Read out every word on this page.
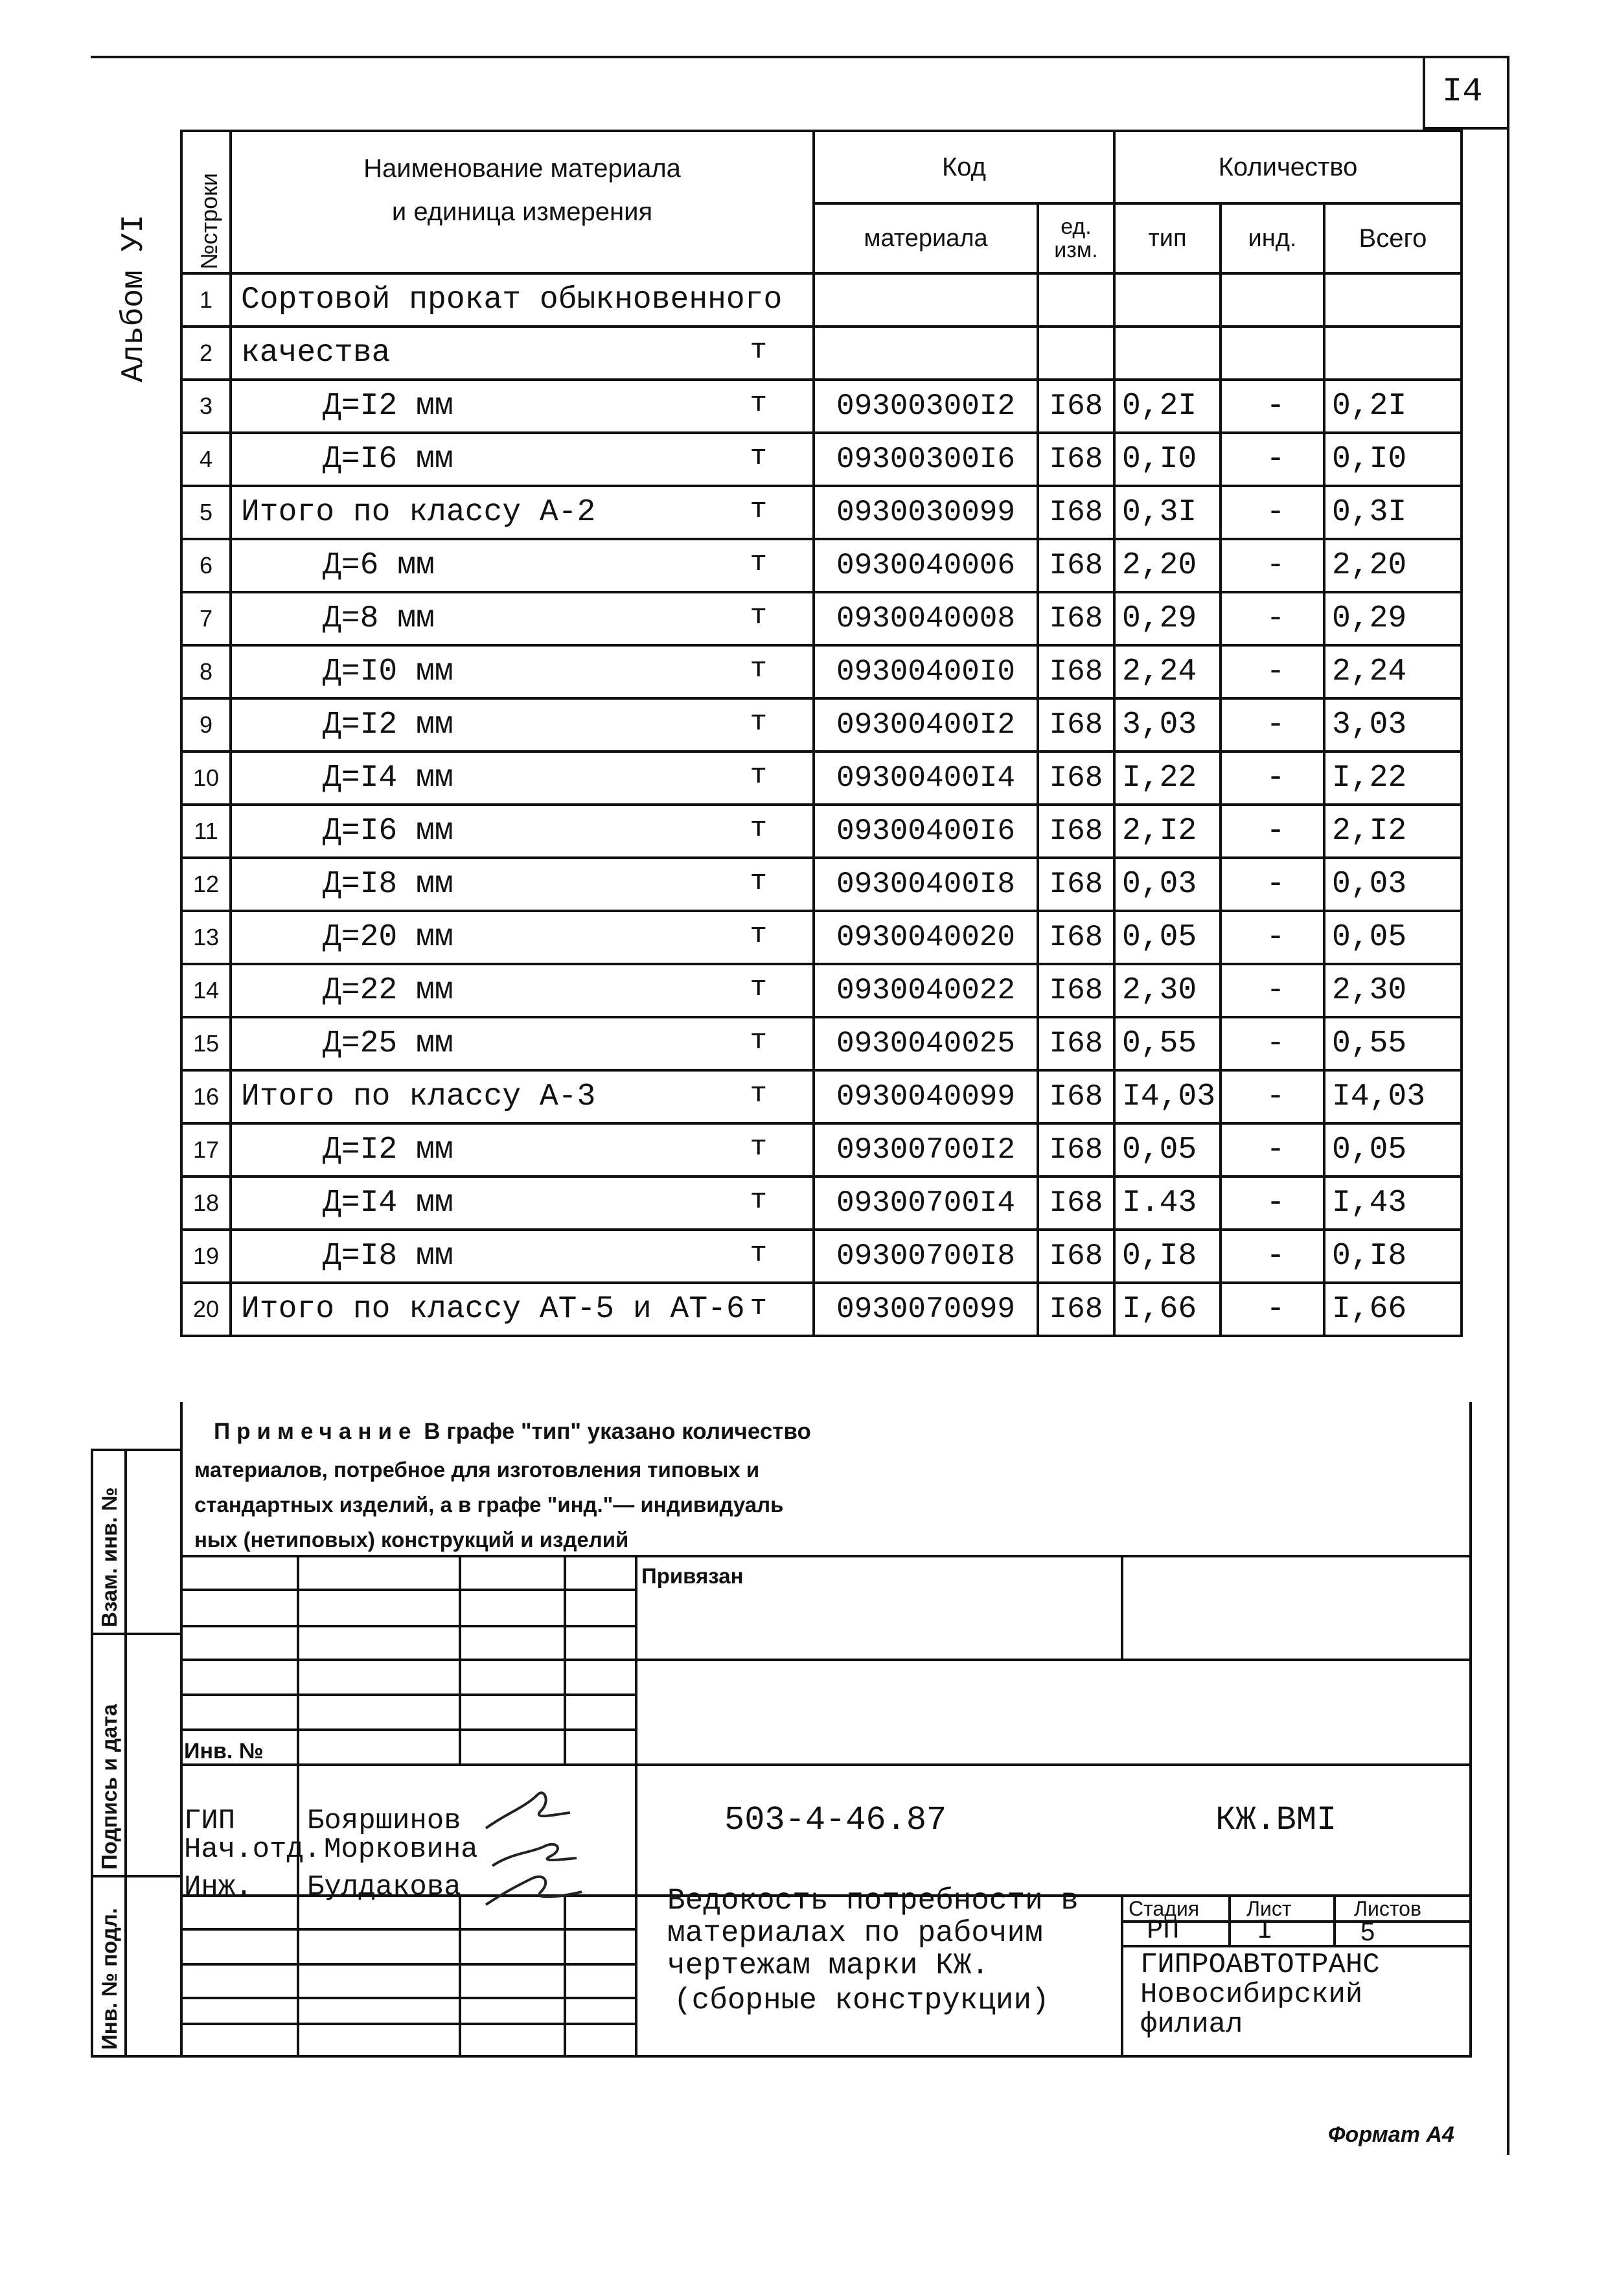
I4
Альбом УI №строки	Наименование материала
и единица измерения	Код		Количество		
		материала	ед. изм.	тип	инд.	Всего
1	Сортовой прокат обыкновенного					

2	качества т					

3	Д=I2 мм т	09300300I2	I68	0,2I	-	0,2I
4	Д=I6 мм т	09300300I6	I68	0,I0	-	0,I0
5	Итого по классу А-2 т	0930030099	I68	0,3I	-	0,3I
6	Д=6 мм т	0930040006	I68	2,20	-	2,20
7	Д=8 мм т	0930040008	I68	0,29	-	0,29
8	Д=I0 мм т	09300400I0	I68	2,24	-	2,24
9	Д=I2 мм т	09300400I2	I68	3,03	-	3,03
10	Д=I4 мм т	09300400I4	I68	I,22	-	I,22
11	Д=I6 мм т	09300400I6	I68	2,I2	-	2,I2
12	Д=I8 мм т	09300400I8	I68	0,03	-	0,03
13	Д=20 мм т	0930040020	I68	0,05	-	0,05
14	Д=22 мм т	0930040022	I68	2,30	-	2,30
15	Д=25 мм т	0930040025	I68	0,55	-	0,55
16	Итого по классу А-3 т	0930040099	I68	I4,03	-	I4,03
17	Д=I2 мм т	09300700I2	I68	0,05	-	0,05
18	Д=I4 мм т	09300700I4	I68	I.43	-	I,43
19	Д=I8 мм т	09300700I8	I68	0,I8	-	0,I8
20	Итого по классу АТ-5 и АТ-6 т	0930070099	I68	I,66	-	I,66
Взам. инв. №
Подпись и дата
Инв. № подл.
Примечание В графе "тип" указано количество
материалов, потребное для изготовления типовых и
стандартных изделий, а в графе "инд."— индивидуаль
ных (нетиповых) конструкций и изделий
Привязан
Инв. №
503-4-46.87	КЖ.ВМI
ГИП	Бояршинов
Нач.отд. Морковина
Инж. Булдакова	Ведокость потребности в
материалах по рабочим
чертежам марки КЖ.
(сборные конструкции)
Стадия Лист	Листов
РП	I	5
ГИПРОАВТОТРАНС
Новосибирский
филиал
Формат А4
